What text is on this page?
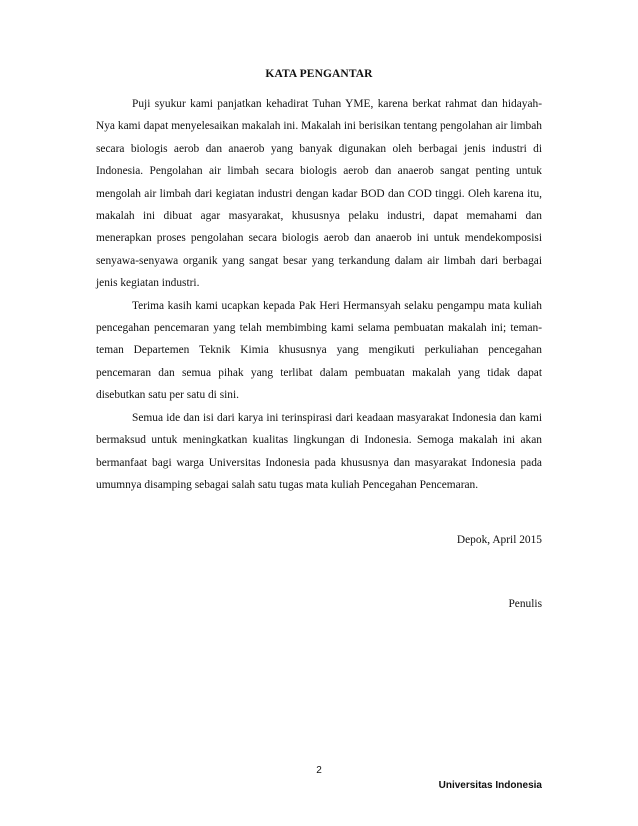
KATA PENGANTAR

Puji syukur kami panjatkan kehadirat Tuhan YME, karena berkat rahmat dan hidayah-Nya kami dapat menyelesaikan makalah ini. Makalah ini berisikan tentang pengolahan air limbah secara biologis aerob dan anaerob yang banyak digunakan oleh berbagai jenis industri di Indonesia. Pengolahan air limbah secara biologis aerob dan anaerob sangat penting untuk mengolah air limbah dari kegiatan industri dengan kadar BOD dan COD tinggi. Oleh karena itu, makalah ini dibuat agar masyarakat, khususnya pelaku industri, dapat memahami dan menerapkan proses pengolahan secara biologis aerob dan anaerob ini untuk mendekomposisi senyawa-senyawa organik yang sangat besar yang terkandung dalam air limbah dari berbagai jenis kegiatan industri.

Terima kasih kami ucapkan kepada Pak Heri Hermansyah selaku pengampu mata kuliah pencegahan pencemaran yang telah membimbing kami selama pembuatan makalah ini; teman-teman Departemen Teknik Kimia khususnya yang mengikuti perkuliahan pencegahan pencemaran dan semua pihak yang terlibat dalam pembuatan makalah yang tidak dapat disebutkan satu per satu di sini.

Semua ide dan isi dari karya ini terinspirasi dari keadaan masyarakat Indonesia dan kami bermaksud untuk meningkatkan kualitas lingkungan di Indonesia. Semoga makalah ini akan bermanfaat bagi warga Universitas Indonesia pada khususnya dan masyarakat Indonesia pada umumnya disamping sebagai salah satu tugas mata kuliah Pencegahan Pencemaran.

Depok, April 2015
Penulis
2
Universitas Indonesia
